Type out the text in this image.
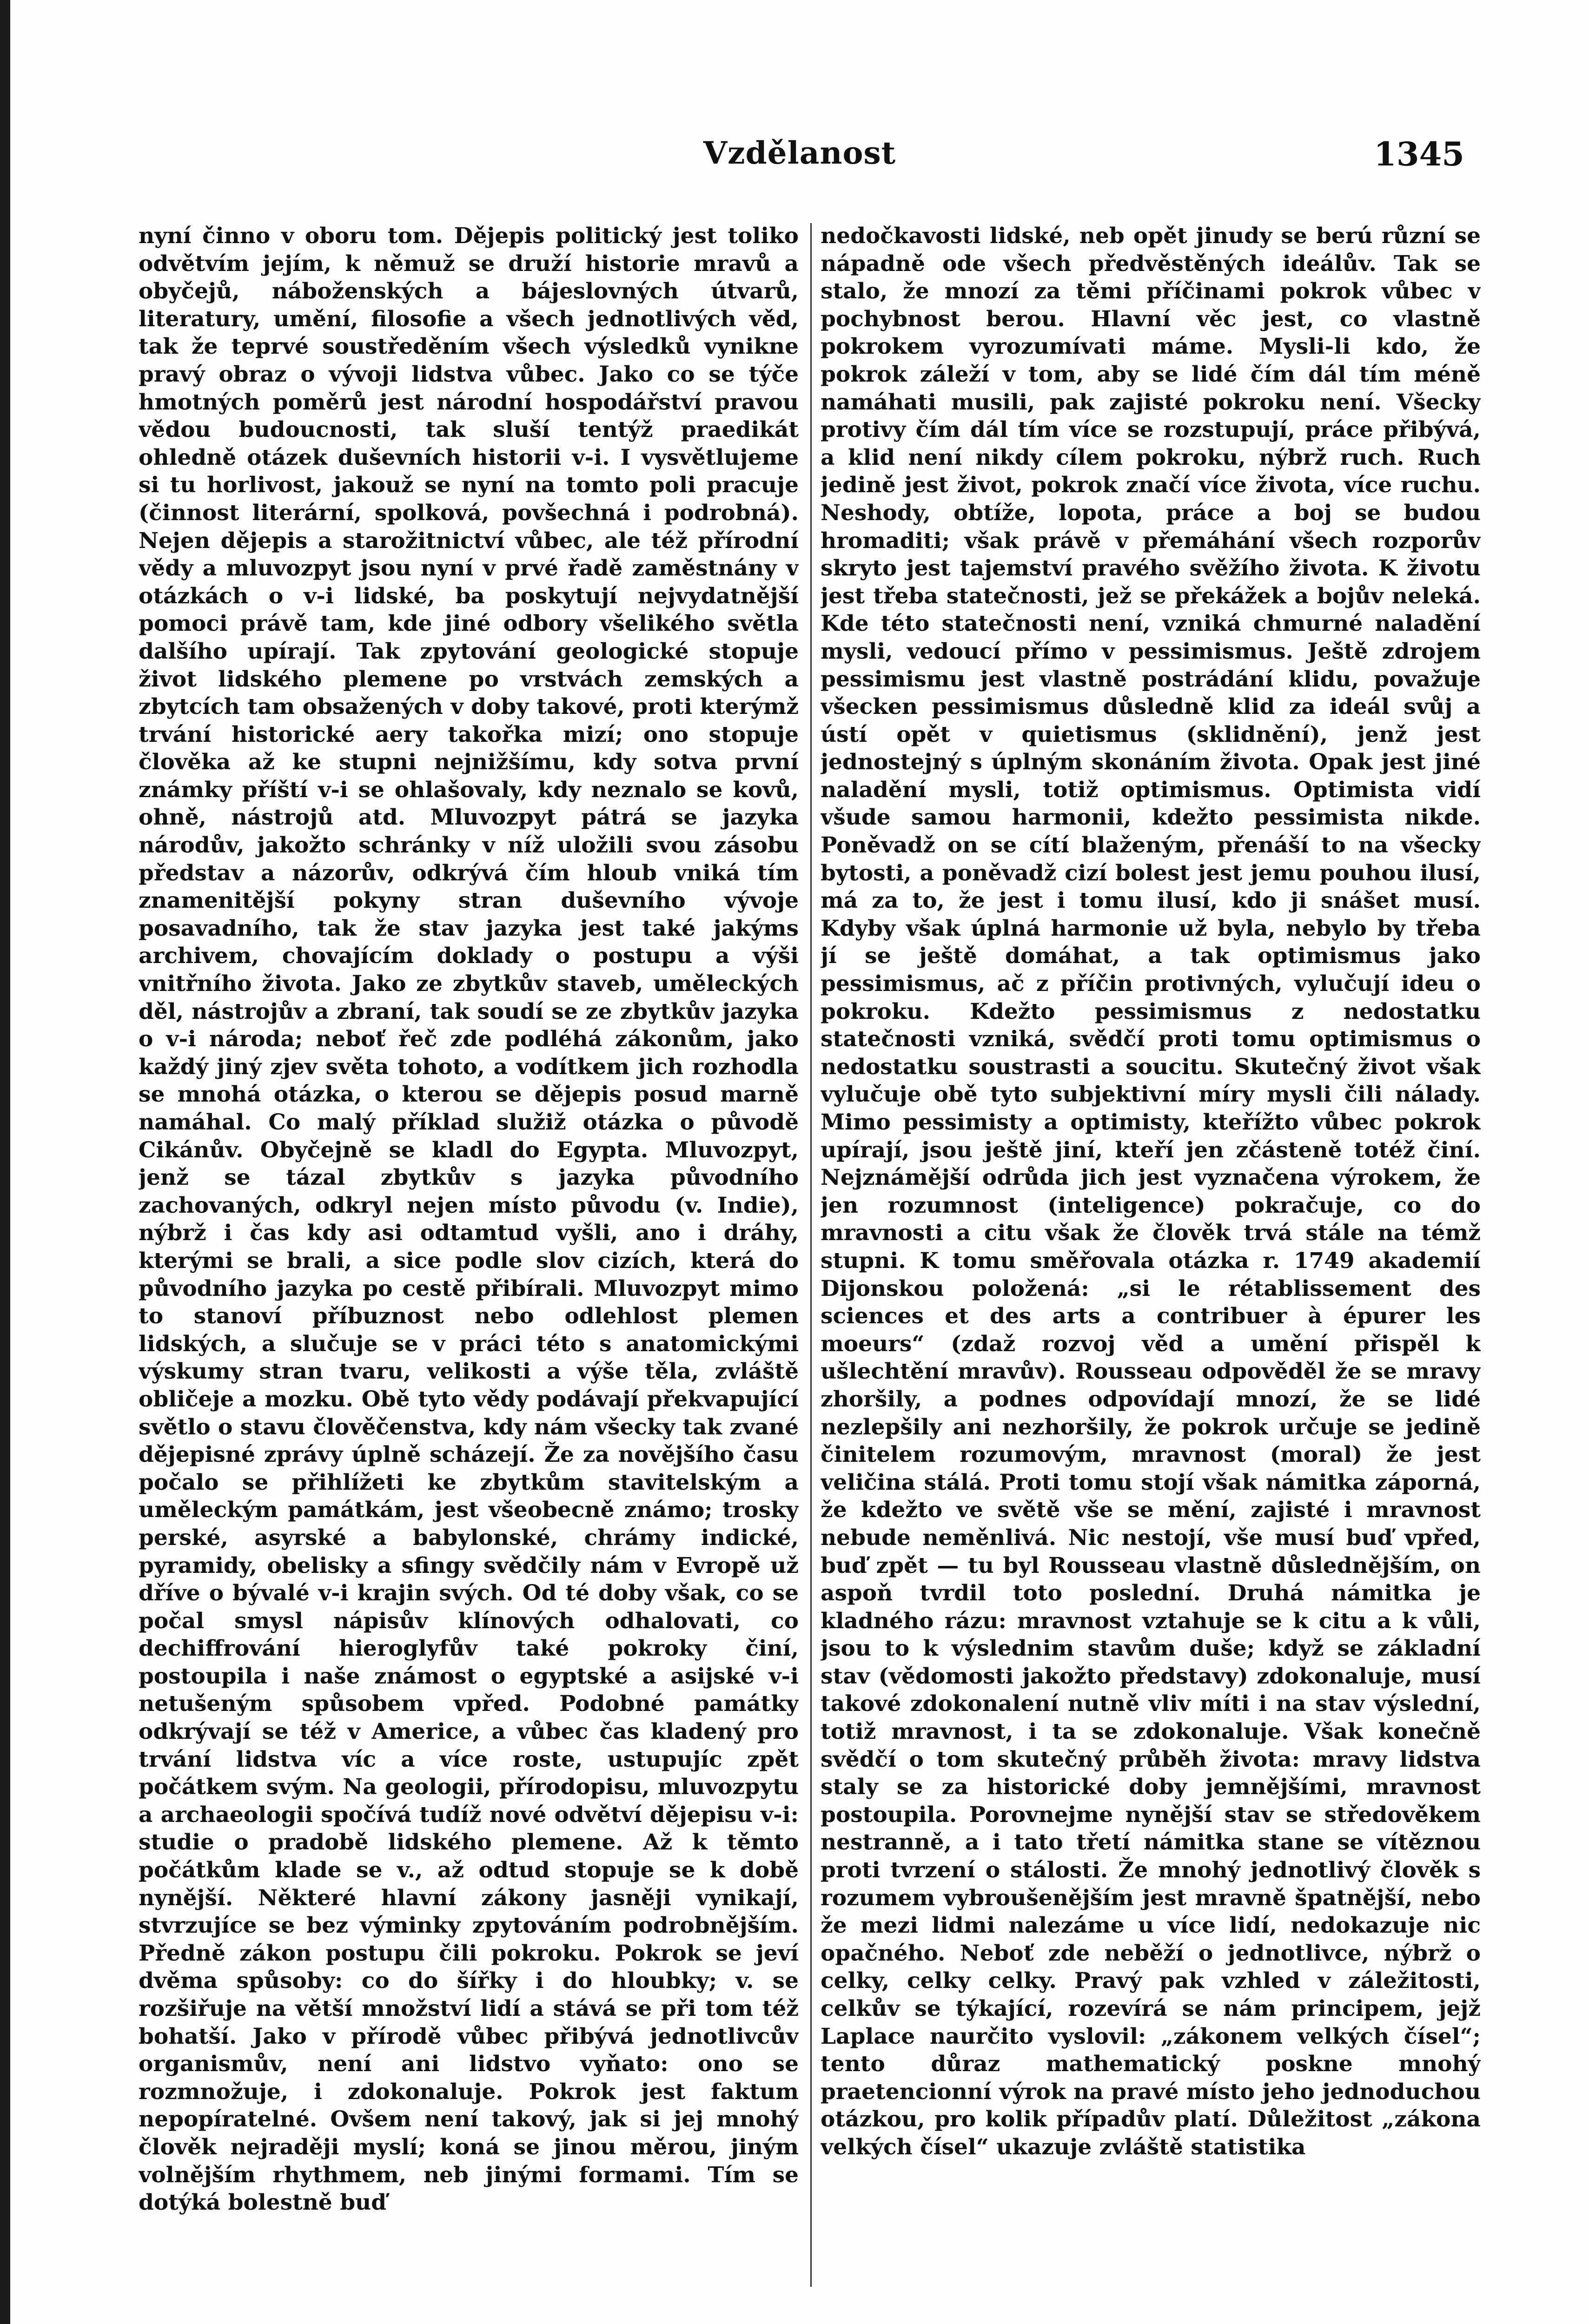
Vzdělanost	1345

nyní činno v oboru tom. Dějepis politický jest toliko odvětvím jejím, k němuž se druží historie mravů a obyčejů, náboženských a bájeslovných útvarů, literatury, umění, filosofie a všech jednotlivých věd, tak že teprvé soustředěním všech výsledků vyniknе pravý obraz o vývoji lidstva vůbec. Jako co se týče hmotných poměrů jest národní hospodářství pravou vědou budoucnosti, tak sluší tentýž praedikát ohledně otázek duševních historii v-i. I vysvětlujeme si tu horlivost, jakouž se nyní na tomto poli pracuje (činnost literární, spolková, povšechná i podrobná). Nejen dějepis a starožitnictví vůbec, ale též přírodní vědy a mluvozpyt jsou nyní v prvé řadě zaměstnány v otázkách o v-i lidské, ba poskytují nejvydatnější pomoci právě tam, kde jiné odbory všelikého světla dalšího upírají. Tak zpytování geologické stopuje život lidského plemene po vrstvách zemských a zbytcích tam obsažených v doby takové, proti kterýmž trvání historické aery takořka mizí; ono stopuje člověka až ke stupni nejnižšímu, kdy sotva první známky příští v-i se ohlašovaly, kdy neznalo se kovů, ohně, nástrojů atd. Mluvozpyt pátrá se jazyka národův, jakožto schránky v níž uložili svou zásobu představ a názorův, odkrývá čím hloub vniká tím znamenitější pokyny stran duševního vývoje posavadního, tak že stav jazyka jest také jakýms archivem, chovajícím doklady o postupu a výši vnitřního života. Jako ze zbytkův staveb, uměleckých děl, nástrojův a zbraní, tak soudí se ze zbytkův jazyka o v-i národa; neboť řeč zde podléhá zákonům, jako každý jiný zjev světa tohoto, a vodítkem jich rozhodla se mnohá otázka, o kterou se dějepis posud marně namáhal. Co malý příklad služiž otázka o původě Cikánův. Obyčejně se kladl do Egypta. Mluvozpyt, jenž se tázal zbytkův s jazyka původního zachovaných, odkryl nejen místo původu (v. Indie), nýbrž i čas kdy asi odtamtud vyšli, ano i dráhy, kterými se brali, a sice podle slov cizích, která do původního jazyka po cestě přibírali. Mluvozpyt mimo to stanoví příbuznost nebo odlehlost plemen lidských, a slučuje se v práci této s anatomickými výskumy stran tvaru, velikosti a výše těla, zvláště obličeje a mozku. Obě tyto vědy podávají překvapující světlo o stavu člověčenstva, kdy nám všecky tak zvané dějepisné zprávy úplně scházejí. Že za novějšího času počalo se přihlížeti ke zbytkům stavitelským a uměleckým památkám, jest všeobecně známo; trosky perské, asyrské a babylonské, chrámy indické, pyramidy, obelisky a sfingy svědčily nám v Evropě už dříve o bývalé v-i krajin svých. Od té doby však, co se počal smysl nápisův klínových odhalovati, co dechiffrování hieroglyfův také pokroky činí, postoupila i naše známost o egyptské a asijské v-i netušeným spůsobem vpřed. Podobné památky odkrývají se též v Americe, a vůbec čas kladený pro trvání lidstva víc a více roste, ustupujíc zpět počátkem svým. Na geologii, přírodopisu, mluvozpytu a archaeologii spočívá tudíž nové odvětví dějepisu v-i: studie o pradobě lidského plemene. Až k těmto počátkům klade se v., až odtud stopuje se k době nynější. Některé hlavní zákony jasněji vynikají, stvrzujíce se bez výminky zpytováním podrobnějším. Předně zákon postupu čili pokroku. Pokrok se jeví dvěma spůsoby: co do šířky i do hloubky; v. se rozšiřuje na větší množství lidí a stává se při tom též bohatší. Jako v přírodě vůbec přibývá jednotlivcův organismův, není ani lidstvo vyňato: ono se rozmnožuje, i zdokonaluje. Pokrok jest faktum nepopíratelné. Ovšem není takový, jak si jej mnohý člověk nejraději myslí; koná se jinou měrou, jiným volnějším rhythmem, neb jinými formami. Tím se dotýká bolestně buď

nedočkavosti lidské, neb opět jinudy se berú různí se nápadně ode všech předvěstěných ideálův. Tak se stalo, že mnozí za těmi příčinami pokrok vůbec v pochybnost berou. Hlavní věc jest, co vlastně pokrokem vyrozumívati máme. Mysli-li kdo, že pokrok záleží v tom, aby se lidé čím dál tím méně namáhati musili, pak zajisté pokroku není. Všecky protivy čím dál tím více se rozstupují, práce přibývá, a klid není nikdy cílem pokroku, nýbrž ruch. Ruch jedině jest život, pokrok značí více života, více ruchu. Neshody, obtíže, lopota, práce a boj se budou hromaditi; však právě v přemáhání všech rozporův skryto jest tajemství pravého svěžího života. K životu jest třeba statečnosti, jež se překážek a bojův neleká. Kde této statečnosti není, vzniká chmurné naladění mysli, vedoucí přímo v pessimismus. Ještě zdrojem pessimismu jest vlastně postrádání klidu, považuje všecken pessimismus důsledně klid za ideál svůj a ústí opět v quietismus (sklidnění), jenž jest jednostejný s úplným skonáním života. Opak jest jiné naladění mysli, totiž optimismus. Optimista vidí všude samou harmonii, kdežto pessimista nikde. Poněvadž on se cítí blaženým, přenáší to na všecky bytosti, a poněvadž cizí bolest jest jemu pouhou ilusí, má za to, že jest i tomu ilusí, kdo ji snášet musí. Kdyby však úplná harmonie už byla, nebylo by třeba jí se ještě domáhat, a tak optimismus jako pessimismus, ač z příčin protivných, vylučují ideu o pokroku. Kdežto pessimismus z nedostatku statečnosti vzniká, svědčí proti tomu optimismus o nedostatku soustrasti a soucitu. Skutečný život však vylučuje obě tyto subjektivní míry mysli čili nálady. Mimo pessimisty a optimisty, kteřížto vůbec pokrok upírají, jsou ještě jiní, kteří jen zčásteně totéž činí. Nejznámější odrůda jich jest vyznačena výrokem, že jen rozumnost (inteligence) pokračuje, co do mravnosti a citu však že člověk trvá stále na témž stupni. K tomu směřovala otázka r. 1749 akademií Dijonskou položená: „si le rétablissement des sciences et des arts a contribuer à épurer les moeurs“ (zdaž rozvoj věd a umění přispěl k ušlechtění mravův). Rousseau odpověděl že se mravy zhoršily, a podnes odpovídají mnozí, že se lidé nezlepšily ani nezhoršily, že pokrok určuje se jedině činitelem rozumovým, mravnost (moral) že jest veličina stálá. Proti tomu stojí však námitka záporná, že kdežto ve světě vše se mění, zajisté i mravnost nebude neměnlivá. Nic nestojí, vše musí buď vpřed, buď zpět — tu byl Rousseau vlastně důslednějším, on aspoň tvrdil toto poslední. Druhá námitka je kladného rázu: mravnost vztahuje se k citu a k vůli, jsou to k výslednim stavům duše; když se základní stav (vědomosti jakožto představy) zdokonaluje, musí takové zdokonalení nutně vliv míti i na stav výslední, totiž mravnost, i ta se zdokonaluje. Však konečně svědčí o tom skutečný průběh života: mravy lidstva staly se za historické doby jemnějšími, mravnost postoupila. Porovnejme nynější stav se středověkem nestranně, a i tato třetí námitka stane se vítěznou proti tvrzení o stálosti. Že mnohý jednotlivý člověk s rozumem vybroušenějším jest mravně špatnější, nebo že mezi lidmi nalezáme u více lidí, nedokazuje nic opačného. Neboť zde neběží o jednotlivce, nýbrž o celky, celky celky. Pravý pak vzhled v záležitosti, celkův se týkající, rozevírá se nám principem, jejž Laplace naurčito vyslovil: „zákonem velkých čísel“; tento důraz mathematický poskne mnohý praetencionní výrok na pravé místo jeho jednoduchou otázkou, pro kolik případův platí. Důležitost „zákona velkých čísel“ ukazuje zvláště statistika
